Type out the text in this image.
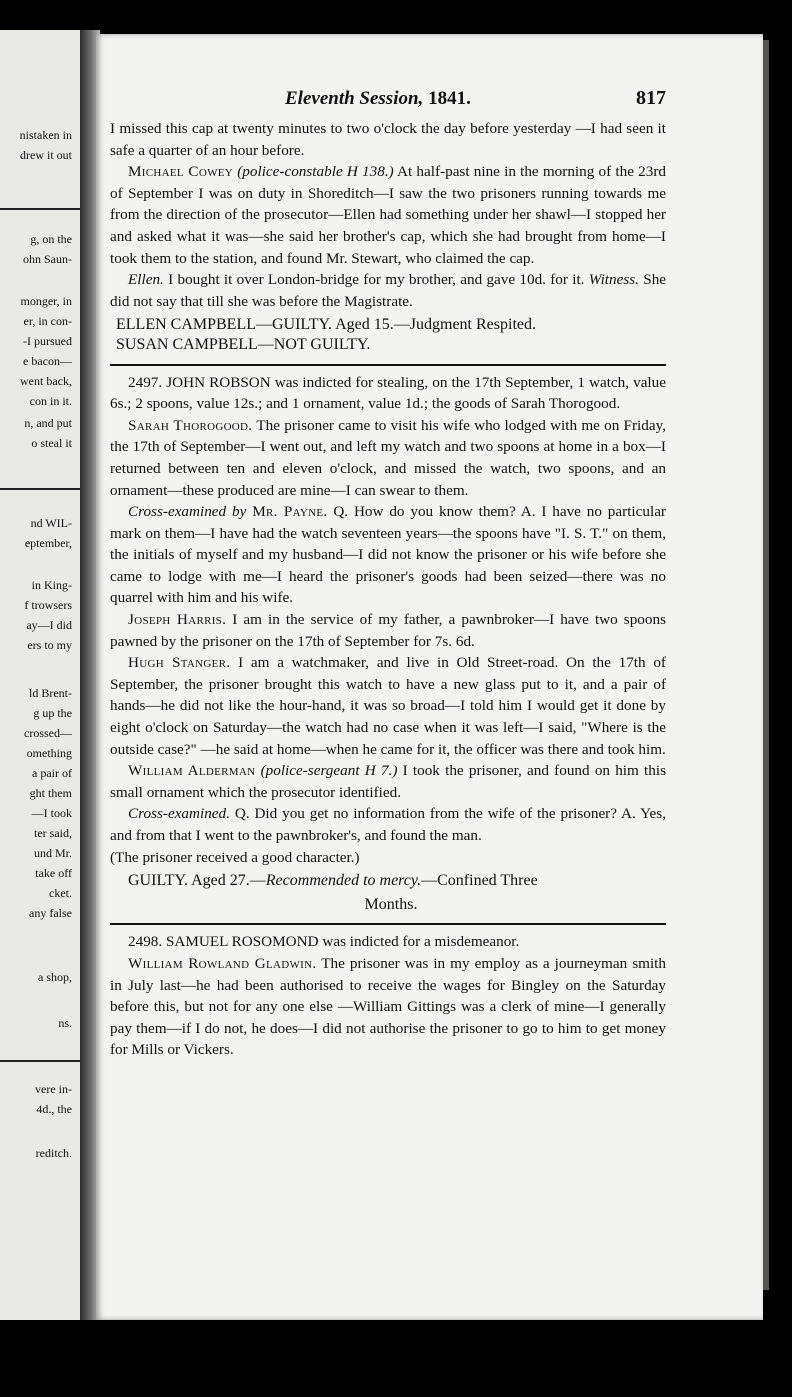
nistaken in
drew it out
g, on the
ohn Saun-
monger, in
er, in con-
-I pursued
e bacon—
went back,
con in it.
n, and put
o steal it
nd WIL-
eptember,
in King-
f trowsers
ay—I did
ers to my
ld Brent-
g up the
crossed—
omething
a pair of
ght them
—I took
ter said,
und Mr.
take off
cket.
any false
a shop,
ns.
vere in-
4d., the
reditch.
Eleventh Session, 1841.	817

I missed this cap at twenty minutes to two o'clock the day before yesterday —I had seen it safe a quarter of an hour before.

Michael Cowey (police-constable H 138.) At half-past nine in the morning of the 23rd of September I was on duty in Shoreditch—I saw the two prisoners running towards me from the direction of the prosecutor—Ellen had something under her shawl—I stopped her and asked what it was—she said her brother's cap, which she had brought from home—I took them to the station, and found Mr. Stewart, who claimed the cap.

Ellen. I bought it over London-bridge for my brother, and gave 10d. for it. Witness. She did not say that till she was before the Magistrate.

ELLEN CAMPBELL—GUILTY. Aged 15.—Judgment Respited.

SUSAN CAMPBELL—NOT GUILTY.

2497. JOHN ROBSON was indicted for stealing, on the 17th September, 1 watch, value 6s.; 2 spoons, value 12s.; and 1 ornament, value 1d.; the goods of Sarah Thorogood.

Sarah Thorogood. The prisoner came to visit his wife who lodged with me on Friday, the 17th of September—I went out, and left my watch and two spoons at home in a box—I returned between ten and eleven o'clock, and missed the watch, two spoons, and an ornament—these produced are mine—I can swear to them.

Cross-examined by Mr. Payne. Q. How do you know them? A. I have no particular mark on them—I have had the watch seventeen years—the spoons have "I. S. T." on them, the initials of myself and my husband—I did not know the prisoner or his wife before she came to lodge with me—I heard the prisoner's goods had been seized—there was no quarrel with him and his wife.

Joseph Harris. I am in the service of my father, a pawnbroker—I have two spoons pawned by the prisoner on the 17th of September for 7s. 6d.

Hugh Stanger. I am a watchmaker, and live in Old Street-road. On the 17th of September, the prisoner brought this watch to have a new glass put to it, and a pair of hands—he did not like the hour-hand, it was so broad—I told him I would get it done by eight o'clock on Saturday—the watch had no case when it was left—I said, "Where is the outside case?" —he said at home—when he came for it, the officer was there and took him.

William Alderman (police-sergeant H 7.) I took the prisoner, and found on him this small ornament which the prosecutor identified.

Cross-examined. Q. Did you get no information from the wife of the prisoner? A. Yes, and from that I went to the pawnbroker's, and found the man.

(The prisoner received a good character.)

GUILTY. Aged 27.—Recommended to mercy.—Confined Three

Months.

2498. SAMUEL ROSOMOND was indicted for a misdemeanor.

William Rowland Gladwin. The prisoner was in my employ as a journeyman smith in July last—he had been authorised to receive the wages for Bingley on the Saturday before this, but not for any one else —William Gittings was a clerk of mine—I generally pay them—if I do not, he does—I did not authorise the prisoner to go to him to get money for Mills or Vickers.
